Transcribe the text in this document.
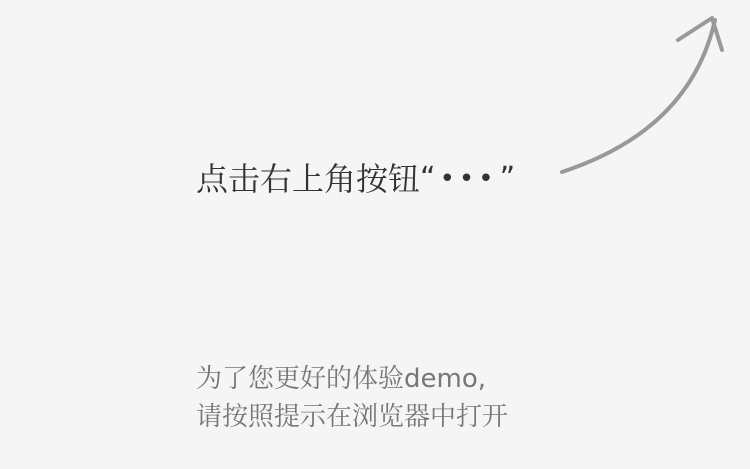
点击右上角按钮 “ ••• ”
为了您更好的体验demo,
请按照提示在浏览器中打开
